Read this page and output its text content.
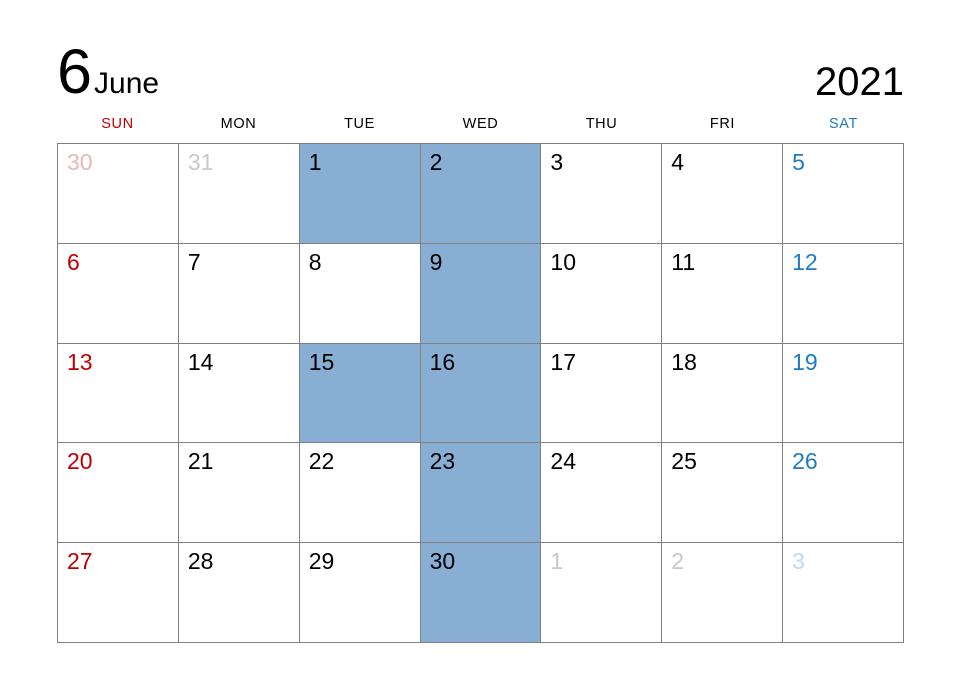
6 June	2021
SUN	MON	TUE	WED	THU	FRI	SAT
30	31	1	2	3	4	5
6	7	8	9	10	11	12
13	14	15	16	17	18	19
20	21	22	23	24	25	26
27	28	29	30	1	2	3
